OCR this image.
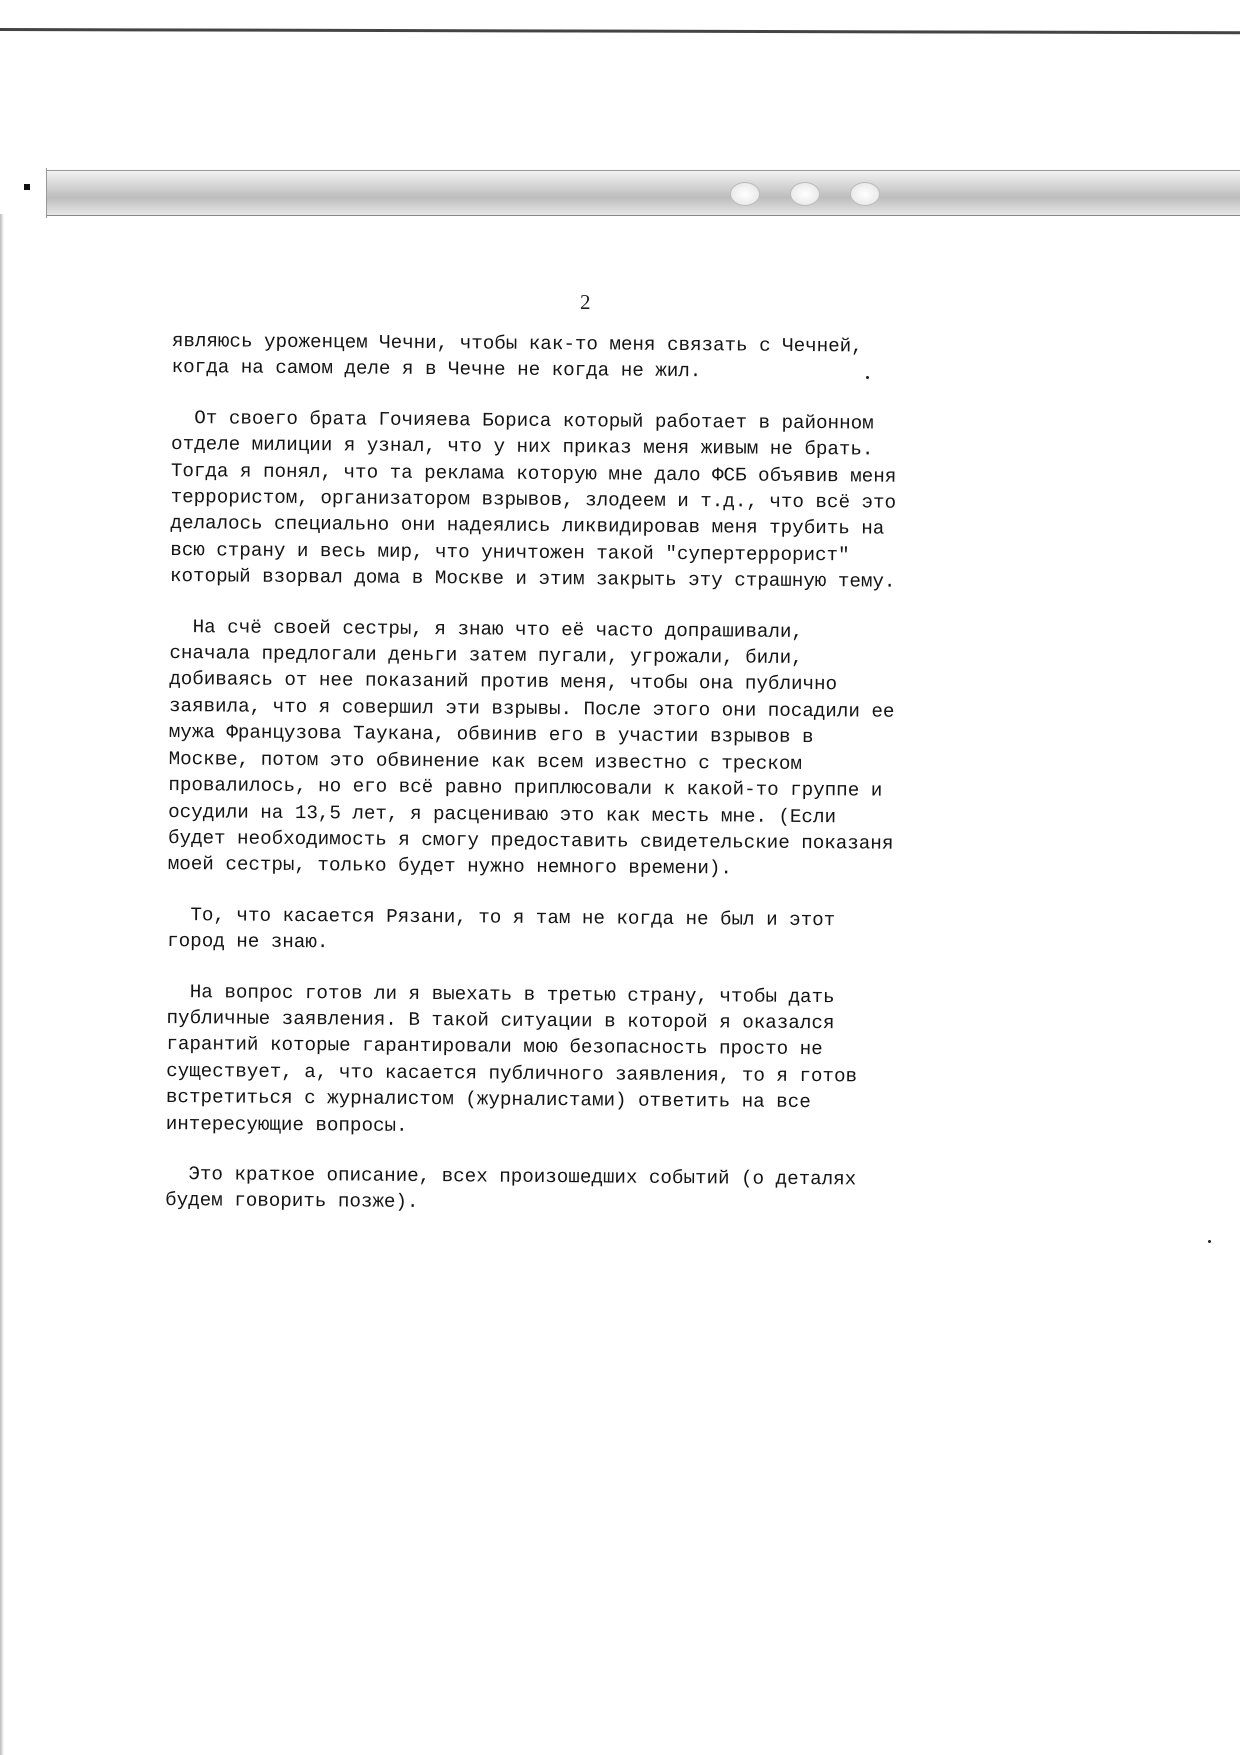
2

являюсь уроженцем Чечни, чтобы как-то меня связать с Чечней,
когда на самом деле я в Чечне не когда не жил.

От своего брата Гочияева Бориса который работает в районном
отделе милиции я узнал, что у них приказ меня живым не брать.
Тогда я понял, что та реклама которую мне дало ФСБ объявив меня
террористом, организатором взрывов, злодеем и т.д., что всё это
делалось специально они надеялись ликвидировав меня трубить на
всю страну и весь мир, что уничтожен такой "супертеррорист"
который взорвал дома в Москве и этим закрыть эту страшную тему.

На счё своей сестры, я знаю что её часто допрашивали,
сначала предлогали деньги затем пугали, угрожали, били,
добиваясь от нее показаний против меня, чтобы она публично
заявила, что я совершил эти взрывы. После этого они посадили ее
мужа Французова Таукана, обвинив его в участии взрывов в
Москве, потом это обвинение как всем известно с треском
провалилось, но его всё равно приплюсовали к какой-то группе и
осудили на 13,5 лет, я расцениваю это как месть мне. (Если
будет необходимость я смогу предоставить свидетельские показаня
моей сестры, только будет нужно немного времени).

То, что касается Рязани, то я там не когда не был и этот
город не знаю.

На вопрос готов ли я выехать в третью страну, чтобы дать
публичные заявления. В такой ситуации в которой я оказался
гарантий которые гарантировали мою безопасность просто не
существует, а, что касается публичного заявления, то я готов
встретиться с журналистом (журналистами) ответить на все
интересующие вопросы.

Это краткое описание, всех произошедших событий (о деталях
будем говорить позже).
